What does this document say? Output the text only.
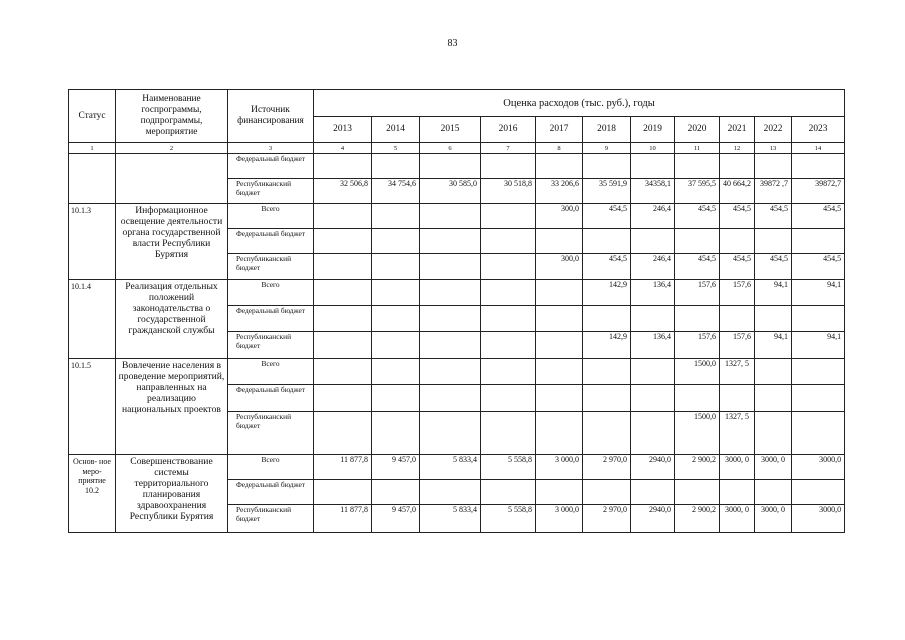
83
Статус	Наименование госпрограммы, подпрограммы, мероприятие	Источник финансирования	Оценка расходов (тыс. руб.), годы										
			2013	2014	2015	2016	2017	2018	2019	2020	2021	2022	2023
1	2	3	4	5	6	7	8	9	10	11	12	13	14
		Федеральный бюджет											
		Республиканский бюджет	32 506,8	34 754,6	30 585,0	30 518,8	33 206,6	35 591,9	34358,1	37 595,5	40 664,2	39872 ,7	39872,7
10.1.3	Информационное освещение деятельности органа государственной власти Республики Бурятия	Всего					300,0	454,5	246,4	454,5	454,5	454,5	454,5
		Федеральный бюджет											
		Республиканский бюджет					300,0	454,5	246,4	454,5	454,5	454,5	454,5
10.1.4	Реализация отдельных положений законодательства о государственной гражданской службы	Всего						142,9	136,4	157,6	157,6	94,1	94,1
		Федеральный бюджет											
		Республиканский бюджет						142,9	136,4	157,6	157,6	94,1	94,1
10.1.5	Вовлечение населения в проведение мероприятий, направленных на реализацию национальных проектов	Всего								1500,0	1327, 5		
		Федеральный бюджет											
		Республиканский бюджет								1500,0	1327, 5		
Основ- ное меро- приятие 10.2	Совершенствование системы территориального планирования здравоохранения Республики Бурятия	Всего	11 877,8	9 457,0	5 833,4	5 558,8	3 000,0	2 970,0	2940,0	2 900,2	3000, 0	3000, 0	3000,0
		Федеральный бюджет											
		Республиканский бюджет	11 877,8	9 457,0	5 833,4	5 558,8	3 000,0	2 970,0	2940,0	2 900,2	3000, 0	3000, 0	3000,0
